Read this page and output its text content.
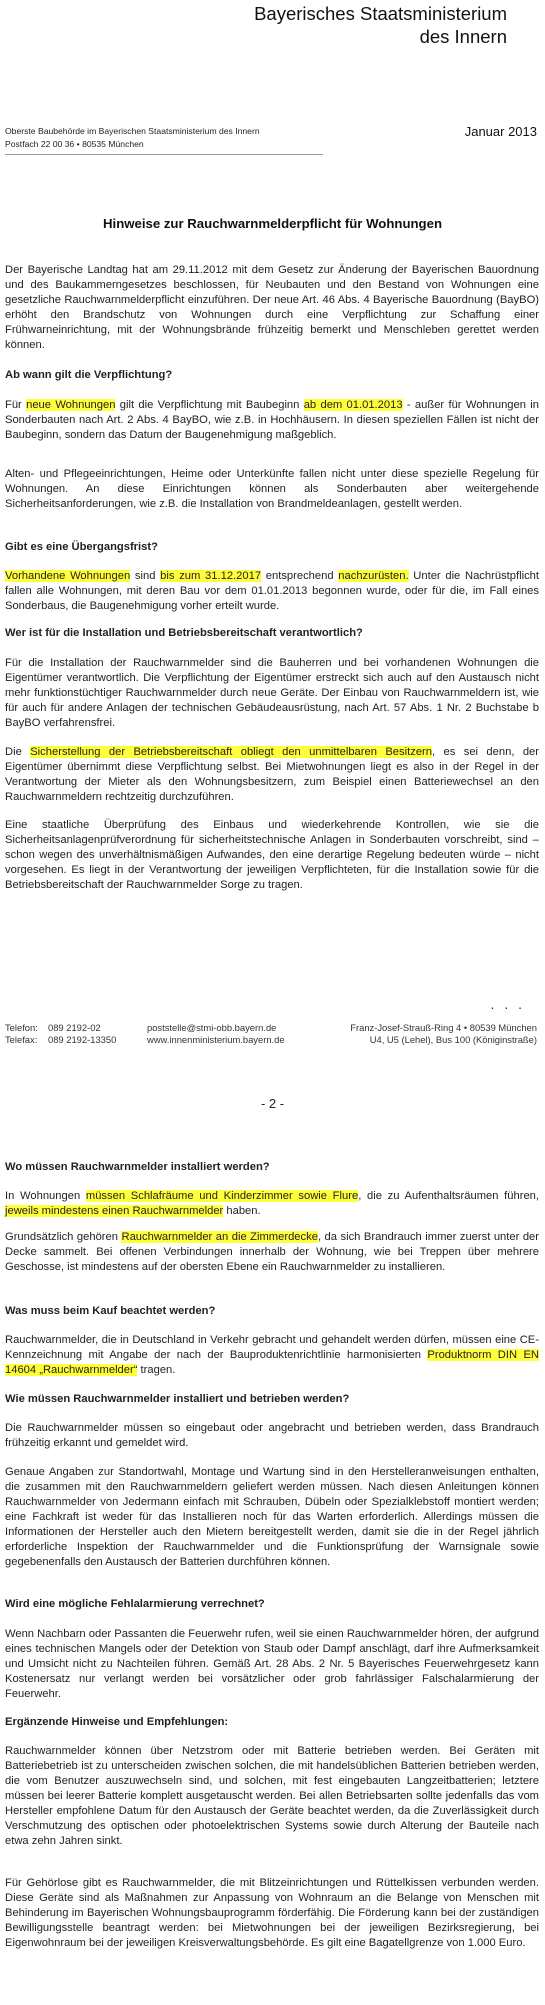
Bayerisches Staatsministerium
des Innern
Oberste Baubehörde im Bayerischen Staatsministerium des Innern
Postfach 22 00 36 • 80535 München
Januar 2013
Hinweise zur Rauchwarnmelderpflicht für Wohnungen
Der Bayerische Landtag hat am 29.11.2012 mit dem Gesetz zur Änderung der Bayerischen Bauordnung und des Baukammerngesetzes beschlossen, für Neubauten und den Bestand von Wohnungen eine gesetzliche Rauchwarnmelderpflicht einzuführen. Der neue Art. 46 Abs. 4 Bayerische Bauordnung (BayBO) erhöht den Brandschutz von Wohnungen durch eine Verpflichtung zur Schaffung einer Frühwarneinrichtung, mit der Wohnungsbrände frühzeitig bemerkt und Menschleben gerettet werden können.
Ab wann gilt die Verpflichtung?
Für neue Wohnungen gilt die Verpflichtung mit Baubeginn ab dem 01.01.2013 - außer für Wohnungen in Sonderbauten nach Art. 2 Abs. 4 BayBO, wie z.B. in Hochhäusern. In diesen speziellen Fällen ist nicht der Baubeginn, sondern das Datum der Baugenehmigung maßgeblich.
Alten- und Pflegeeinrichtungen, Heime oder Unterkünfte fallen nicht unter diese spezielle Regelung für Wohnungen. An diese Einrichtungen können als Sonderbauten aber weitergehende Sicherheitsanforderungen, wie z.B. die Installation von Brandmeldeanlagen, gestellt werden.
Gibt es eine Übergangsfrist?
Vorhandene Wohnungen sind bis zum 31.12.2017 entsprechend nachzurüsten. Unter die Nachrüstpflicht fallen alle Wohnungen, mit deren Bau vor dem 01.01.2013 begonnen wurde, oder für die, im Fall eines Sonderbaus, die Baugenehmigung vorher erteilt wurde.
Wer ist für die Installation und Betriebsbereitschaft verantwortlich?
Für die Installation der Rauchwarnmelder sind die Bauherren und bei vorhandenen Wohnungen die Eigentümer verantwortlich. Die Verpflichtung der Eigentümer erstreckt sich auch auf den Austausch nicht mehr funktionstüchtiger Rauchwarnmelder durch neue Geräte. Der Einbau von Rauchwarnmeldern ist, wie für auch für andere Anlagen der technischen Gebäudeausrüstung, nach Art. 57 Abs. 1 Nr. 2 Buchstabe b BayBO verfahrensfrei.
Die Sicherstellung der Betriebsbereitschaft obliegt den unmittelbaren Besitzern, es sei denn, der Eigentümer übernimmt diese Verpflichtung selbst. Bei Mietwohnungen liegt es also in der Regel in der Verantwortung der Mieter als den Wohnungsbesitzern, zum Beispiel einen Batteriewechsel an den Rauchwarnmeldern rechtzeitig durchzuführen.
Eine staatliche Überprüfung des Einbaus und wiederkehrende Kontrollen, wie sie die Sicherheitsanlagenprüfverordnung für sicherheitstechnische Anlagen in Sonderbauten vorschreibt, sind – schon wegen des unverhältnismäßigen Aufwandes, den eine derartige Regelung bedeuten würde – nicht vorgesehen. Es liegt in der Verantwortung der jeweiligen Verpflichteten, für die Installation sowie für die Betriebsbereitschaft der Rauchwarnmelder Sorge zu tragen.
. . .
Telefon:
Telefax:
089 2192-02
089 2192-13350
poststelle@stmi-obb.bayern.de
www.innenministerium.bayern.de
Franz-Josef-Strauß-Ring 4 • 80539 München
U4, U5 (Lehel), Bus 100 (Königinstraße)
- 2 -
Wo müssen Rauchwarnmelder installiert werden?
In Wohnungen müssen Schlafräume und Kinderzimmer sowie Flure, die zu Aufenthaltsräumen führen, jeweils mindestens einen Rauchwarnmelder haben.
Grundsätzlich gehören Rauchwarnmelder an die Zimmerdecke, da sich Brandrauch immer zuerst unter der Decke sammelt. Bei offenen Verbindungen innerhalb der Wohnung, wie bei Treppen über mehrere Geschosse, ist mindestens auf der obersten Ebene ein Rauchwarnmelder zu installieren.
Was muss beim Kauf beachtet werden?
Rauchwarnmelder, die in Deutschland in Verkehr gebracht und gehandelt werden dürfen, müssen eine CE-Kennzeichnung mit Angabe der nach der Bauproduktenrichtlinie harmonisierten Produktnorm DIN EN 14604 „Rauchwarnmelder“ tragen.
Wie müssen Rauchwarnmelder installiert und betrieben werden?
Die Rauchwarnmelder müssen so eingebaut oder angebracht und betrieben werden, dass Brandrauch frühzeitig erkannt und gemeldet wird.
Genaue Angaben zur Standortwahl, Montage und Wartung sind in den Herstelleranweisungen enthalten, die zusammen mit den Rauchwarnmeldern geliefert werden müssen. Nach diesen Anleitungen können Rauchwarnmelder von Jedermann einfach mit Schrauben, Dübeln oder Spezialklebstoff montiert werden; eine Fachkraft ist weder für das Installieren noch für das Warten erforderlich. Allerdings müssen die Informationen der Hersteller auch den Mietern bereitgestellt werden, damit sie die in der Regel jährlich erforderliche Inspektion der Rauchwarnmelder und die Funktionsprüfung der Warnsignale sowie gegebenenfalls den Austausch der Batterien durchführen können.
Wird eine mögliche Fehlalarmierung verrechnet?
Wenn Nachbarn oder Passanten die Feuerwehr rufen, weil sie einen Rauchwarnmelder hören, der aufgrund eines technischen Mangels oder der Detektion von Staub oder Dampf anschlägt, darf ihre Aufmerksamkeit und Umsicht nicht zu Nachteilen führen. Gemäß Art. 28 Abs. 2 Nr. 5 Bayerisches Feuerwehrgesetz kann Kostenersatz nur verlangt werden bei vorsätzlicher oder grob fahrlässiger Falschalarmierung der Feuerwehr.
Ergänzende Hinweise und Empfehlungen:
Rauchwarnmelder können über Netzstrom oder mit Batterie betrieben werden. Bei Geräten mit Batteriebetrieb ist zu unterscheiden zwischen solchen, die mit handelsüblichen Batterien betrieben werden, die vom Benutzer auszuwechseln sind, und solchen, mit fest eingebauten Langzeitbatterien; letztere müssen bei leerer Batterie komplett ausgetauscht werden. Bei allen Betriebsarten sollte jedenfalls das vom Hersteller empfohlene Datum für den Austausch der Geräte beachtet werden, da die Zuverlässigkeit durch Verschmutzung des optischen oder photoelektrischen Systems sowie durch Alterung der Bauteile nach etwa zehn Jahren sinkt.
Für Gehörlose gibt es Rauchwarnmelder, die mit Blitzeinrichtungen und Rüttelkissen verbunden werden. Diese Geräte sind als Maßnahmen zur Anpassung von Wohnraum an die Belange von Menschen mit Behinderung im Bayerischen Wohnungsbauprogramm förderfähig. Die Förderung kann bei der zuständigen Bewilligungsstelle beantragt werden: bei Mietwohnungen bei der jeweiligen Bezirksregierung, bei Eigenwohnraum bei der jeweiligen Kreisverwaltungsbehörde. Es gilt eine Bagatellgrenze von 1.000 Euro.
